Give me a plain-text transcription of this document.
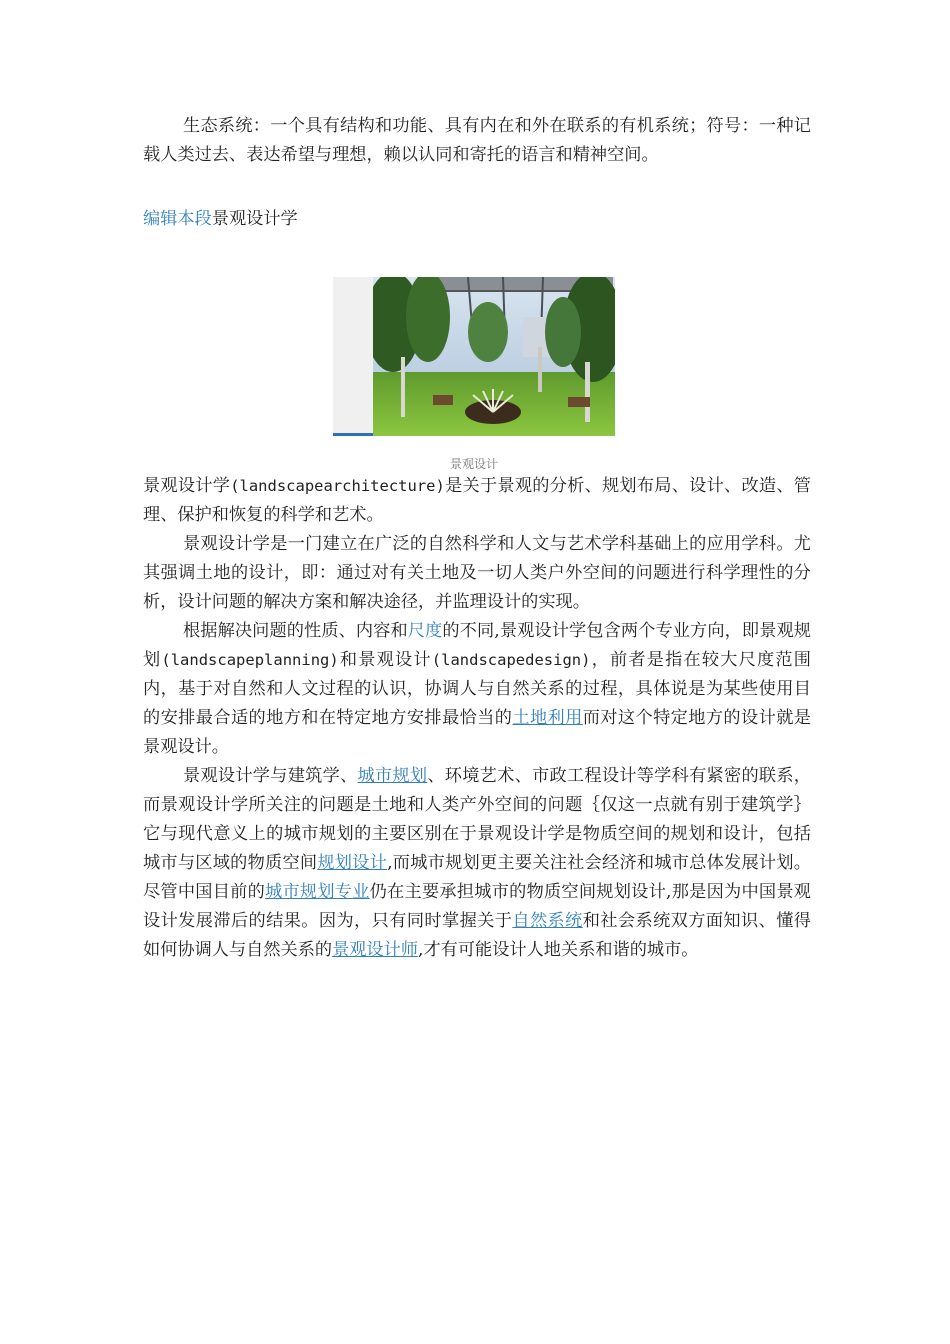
生态系统：一个具有结构和功能、具有内在和外在联系的有机系统；符号：一种记载人类过去、表达希望与理想，赖以认同和寄托的语言和精神空间。

编辑本段景观设计学
景观设计

景观设计学(landscapearchitecture)是关于景观的分析、规划布局、设计、改造、管理、保护和恢复的科学和艺术。

景观设计学是一门建立在广泛的自然科学和人文与艺术学科基础上的应用学科。尤其强调土地的设计，即：通过对有关土地及一切人类户外空间的问题进行科学理性的分析，设计问题的解决方案和解决途径，并监理设计的实现。

根据解决问题的性质、内容和尺度的不同,景观设计学包含两个专业方向，即景观规划(landscapeplanning)和景观设计(landscapedesign)，前者是指在较大尺度范围内，基于对自然和人文过程的认识，协调人与自然关系的过程，具体说是为某些使用目的安排最合适的地方和在特定地方安排最恰当的土地利用而对这个特定地方的设计就是景观设计。

景观设计学与建筑学、城市规划、环境艺术、市政工程设计等学科有紧密的联系，而景观设计学所关注的问题是土地和人类产外空间的问题｛仅这一点就有别于建筑学｝它与现代意义上的城市规划的主要区别在于景观设计学是物质空间的规划和设计，包括城市与区域的物质空间规划设计,而城市规划更主要关注社会经济和城市总体发展计划。尽管中国目前的城市规划专业仍在主要承担城市的物质空间规划设计,那是因为中国景观设计发展滞后的结果。因为，只有同时掌握关于自然系统和社会系统双方面知识、懂得如何协调人与自然关系的景观设计师,才有可能设计人地关系和谐的城市。
